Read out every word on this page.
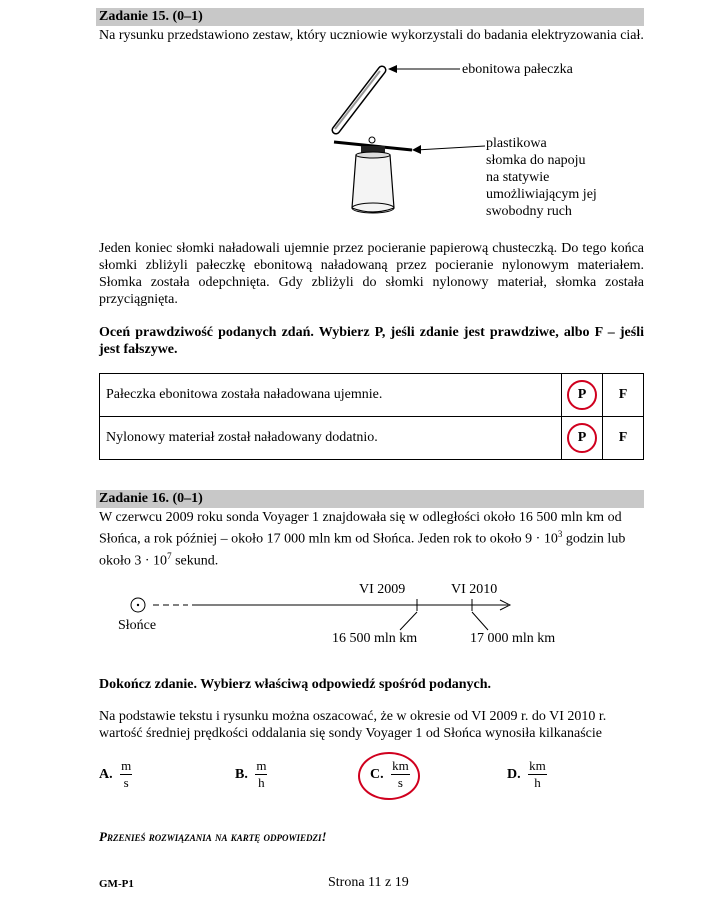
Zadanie 15. (0–1)
Na rysunku przedstawiono zestaw, który uczniowie wykorzystali do badania elektryzowania ciał.
ebonitowa pałeczka
plastikowa
słomka do napoju
na statywie
umożliwiającym jej
swobodny ruch
Jeden koniec słomki naładowali ujemnie przez pocieranie papierową chusteczką. Do tego końca słomki zbliżyli pałeczkę ebonitową naładowaną przez pocieranie nylonowym materiałem. Słomka została odepchnięta. Gdy zbliżyli do słomki nylonowy materiał, słomka została przyciągnięta.
Oceń prawdziwość podanych zdań. Wybierz P, jeśli zdanie jest prawdziwe, albo F – jeśli jest fałszywe.
Pałeczka ebonitowa została naładowana ujemnie.	P	F
Nylonowy materiał został naładowany dodatnio.	P	F
Zadanie 16. (0–1)
W czerwcu 2009 roku sonda Voyager 1 znajdowała się w odległości około 16 500 mln km od
Słońca, a rok później – około 17 000 mln km od Słońca. Jeden rok to około $9 \cdot 10^3$ godzin lub
około $3 \cdot 10^7$ sekund.
VI 2009	VI 2010
Słońce
16 500 mln km	17 000 mln km
Dokończ zdanie. Wybierz właściwą odpowiedź spośród podanych.
Na podstawie tekstu i rysunku można oszacować, że w okresie od VI 2009 r. do VI 2010 r. wartość średniej prędkości oddalania się sondy Voyager 1 od Słońca wynosiła kilkanaście
A. $\frac{m}{s}$	B. $\frac{m}{h}$	C. $\frac{km}{s}$	D. $\frac{km}{h}$
Przenieś rozwiązania na kartę odpowiedzi!
GM-P1	Strona 11 z 19
